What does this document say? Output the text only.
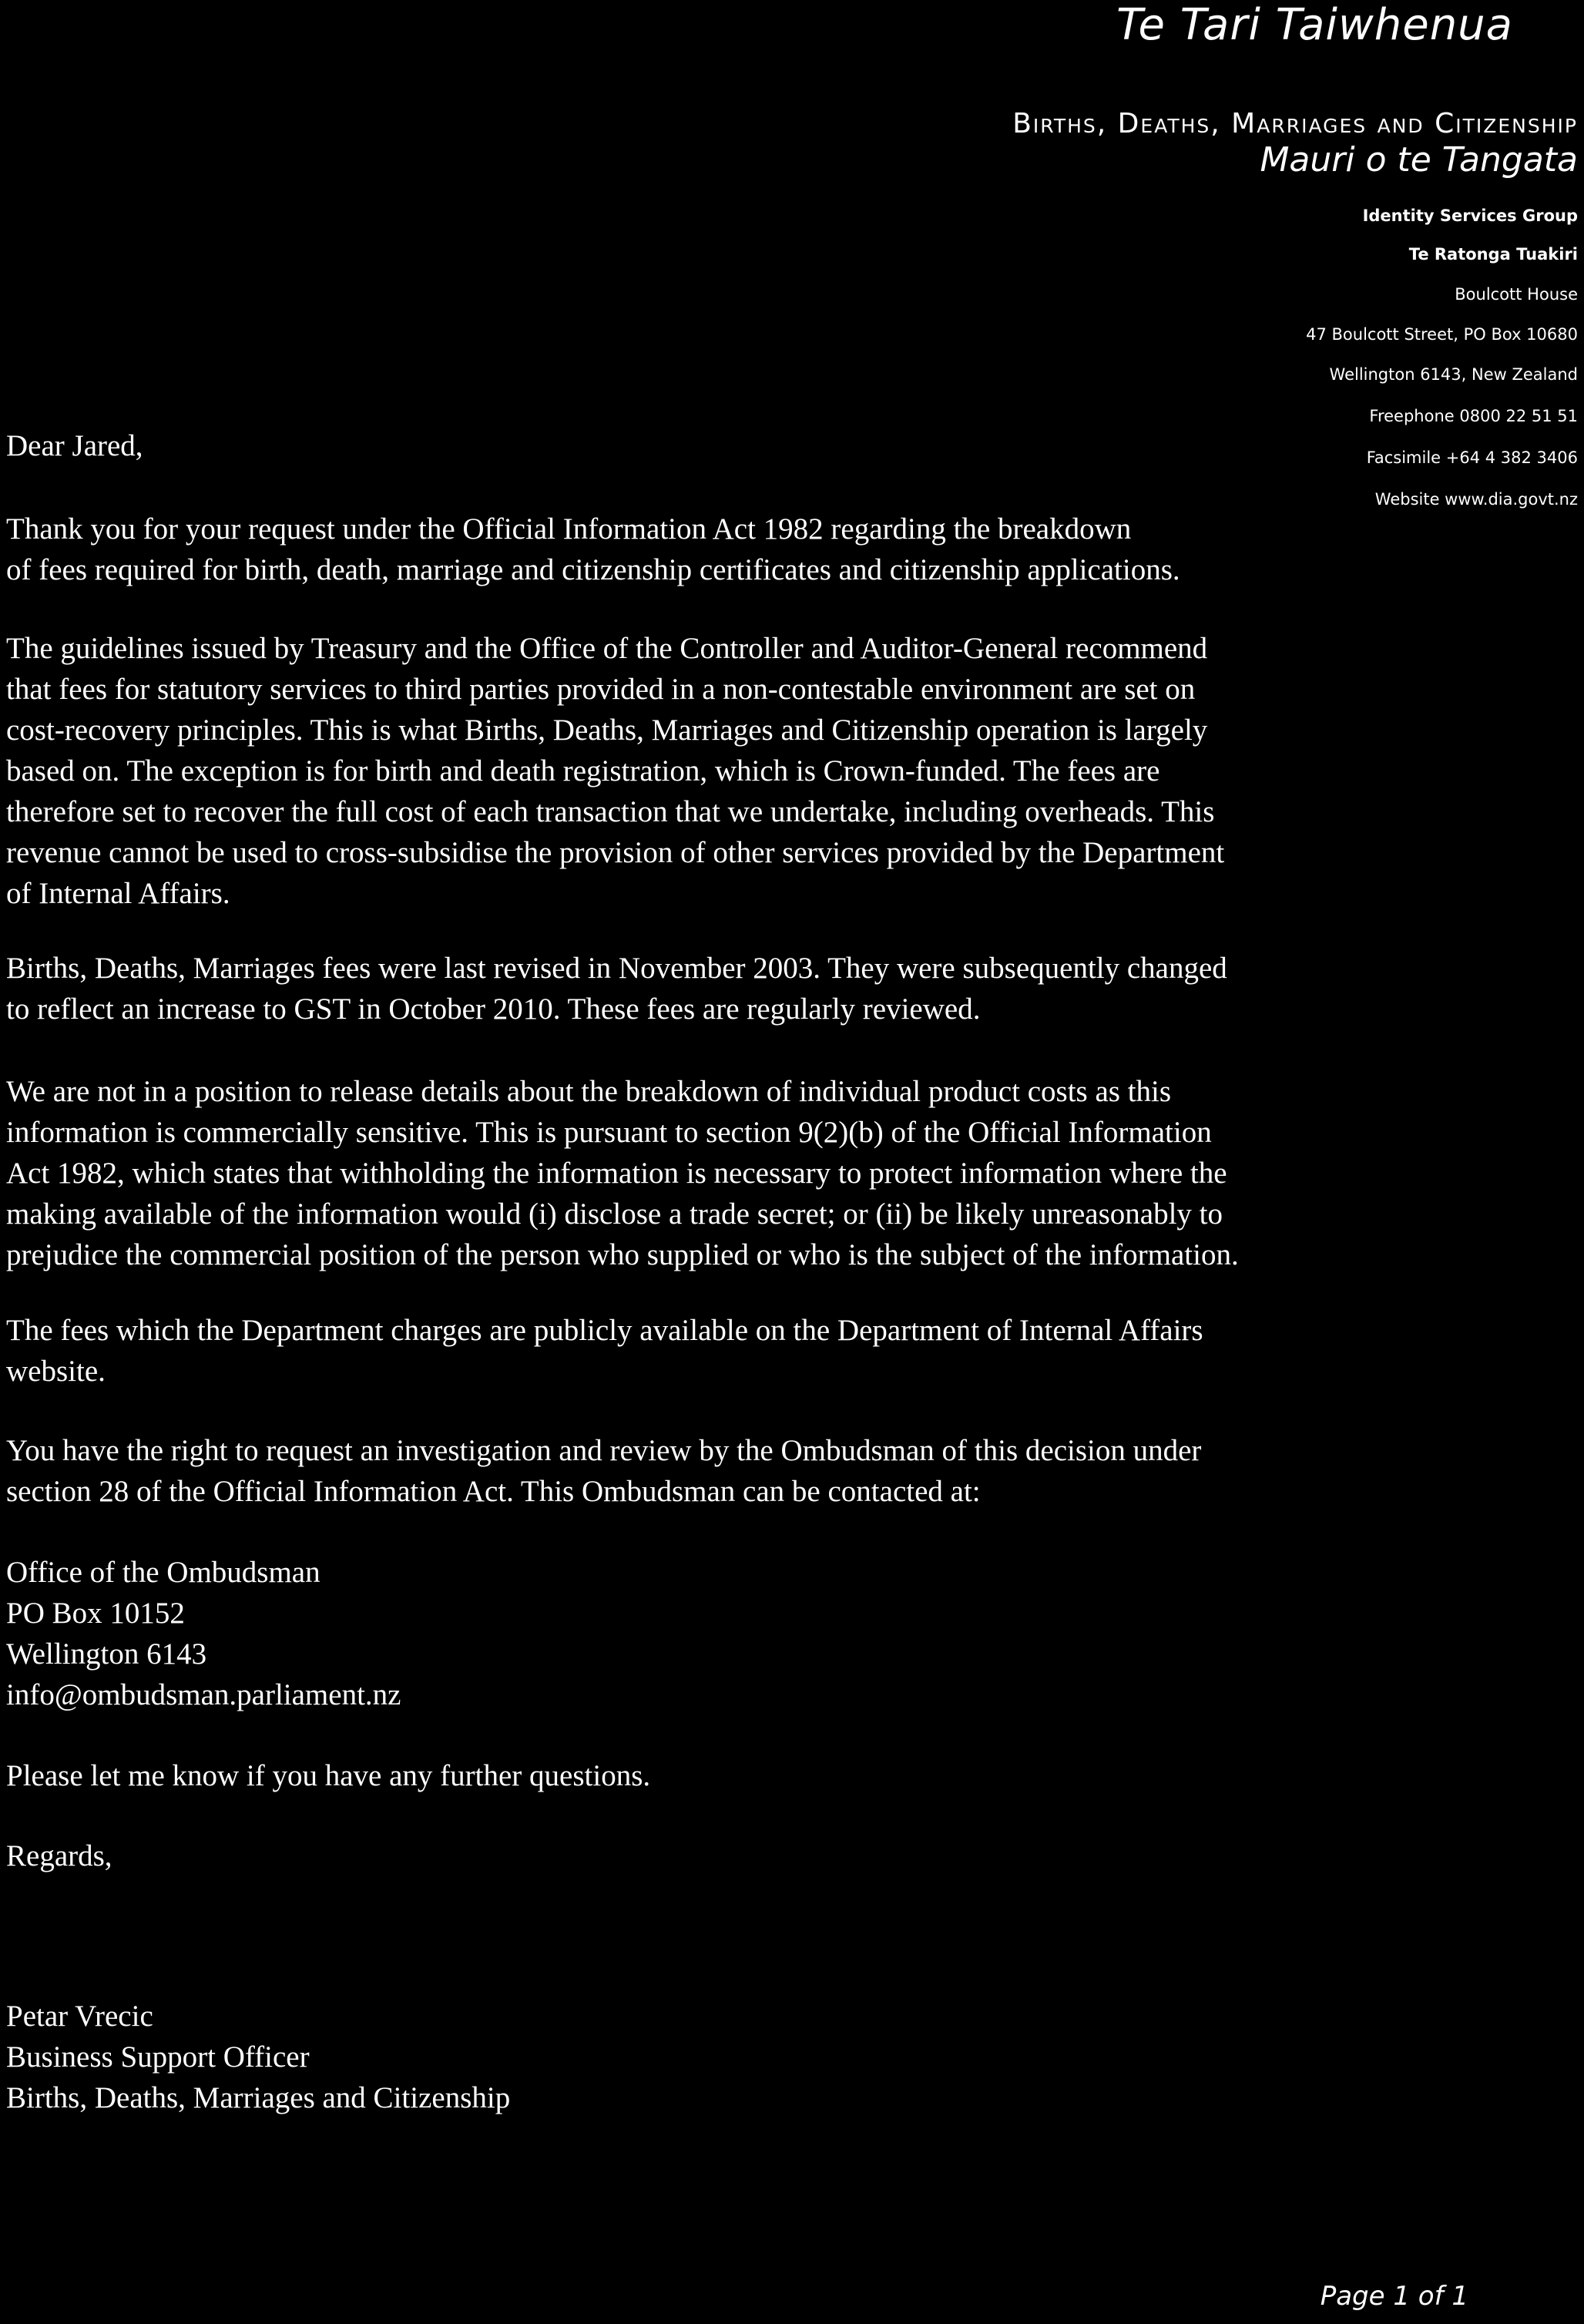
Te Tari Taiwhenua
Births, Deaths, Marriages and Citizenship
Mauri o te Tangata
Identity Services Group
Te Ratonga Tuakiri
Boulcott House
47 Boulcott Street, PO Box 10680
Wellington 6143, New Zealand
Freephone 0800 22 51 51
Facsimile +64 4 382 3406
Website www.dia.govt.nz
Dear Jared,
Thank you for your request under the Official Information Act 1982 regarding the breakdown
of fees required for birth, death, marriage and citizenship certificates and citizenship applications.
The guidelines issued by Treasury and the Office of the Controller and Auditor-General recommend
that fees for statutory services to third parties provided in a non-contestable environment are set on
cost-recovery principles. This is what Births, Deaths, Marriages and Citizenship operation is largely
based on. The exception is for birth and death registration, which is Crown-funded. The fees are
therefore set to recover the full cost of each transaction that we undertake, including overheads. This
revenue cannot be used to cross-subsidise the provision of other services provided by the Department
of Internal Affairs.
Births, Deaths, Marriages fees were last revised in November 2003. They were subsequently changed
to reflect an increase to GST in October 2010. These fees are regularly reviewed.
We are not in a position to release details about the breakdown of individual product costs as this
information is commercially sensitive. This is pursuant to section 9(2)(b) of the Official Information
Act 1982, which states that withholding the information is necessary to protect information where the
making available of the information would (i) disclose a trade secret; or (ii) be likely unreasonably to
prejudice the commercial position of the person who supplied or who is the subject of the information.
The fees which the Department charges are publicly available on the Department of Internal Affairs
website.
You have the right to request an investigation and review by the Ombudsman of this decision under
section 28 of the Official Information Act. This Ombudsman can be contacted at:
Office of the Ombudsman
PO Box 10152
Wellington 6143
info@ombudsman.parliament.nz
Please let me know if you have any further questions.
Regards,
Petar Vrecic
Business Support Officer
Births, Deaths, Marriages and Citizenship
Page 1 of 1
